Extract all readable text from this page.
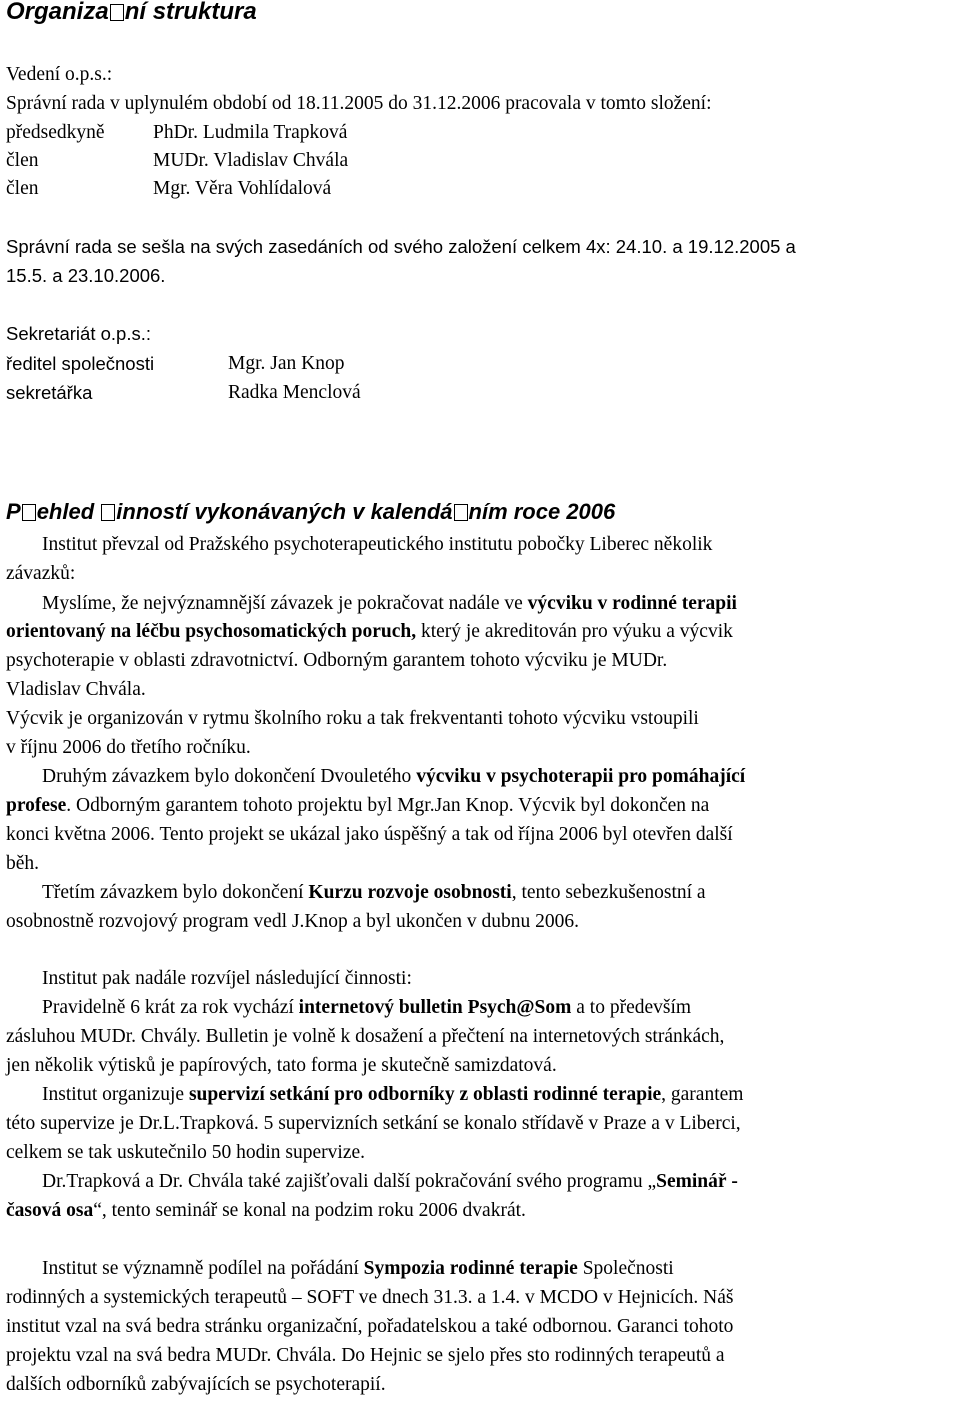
Organiza ní struktura
Vedení o.p.s.:
Správní rada v uplynulém období od 18.11.2005 do 31.12.2006 pracovala v tomto složení:
předsedkyně PhDr. Ludmila Trapková
člen	MUDr. Vladislav Chvála
člen	Mgr. Věra Vohlídalová
Správní rada se sešla na svých zasedáních od svého založení celkem 4x: 24.10. a 19.12.2005 a
15.5. a 23.10.2006.
Sekretariát o.p.s.:
ředitel společnosti	Mgr. Jan Knop
sekretářka	Radka Menclová
P ehled inností vykonávaných v kalendá ním roce 2006
Institut převzal od Pražského psychoterapeutického institutu pobočky Liberec několik
závazků:
Myslíme, že nejvýznamnější závazek je pokračovat nadále ve výcviku v rodinné terapii
orientovaný na léčbu psychosomatických poruch, který je akreditován pro výuku a výcvik
psychoterapie v oblasti zdravotnictví. Odborným garantem tohoto výcviku je MUDr.
Vladislav Chvála.
Výcvik je organizován v rytmu školního roku a tak frekventanti tohoto výcviku vstoupili
v říjnu 2006 do třetího ročníku.
Druhým závazkem bylo dokončení Dvouletého výcviku v psychoterapii pro pomáhající
profese. Odborným garantem tohoto projektu byl Mgr.Jan Knop. Výcvik byl dokončen na
konci května 2006. Tento projekt se ukázal jako úspěšný a tak od října 2006 byl otevřen další
běh.
Třetím závazkem bylo dokončení Kurzu rozvoje osobnosti, tento sebezkušenostní a
osobnostně rozvojový program vedl J.Knop a byl ukončen v dubnu 2006.
Institut pak nadále rozvíjel následující činnosti:
Pravidelně 6 krát za rok vychází internetový bulletin Psych@Som a to především
zásluhou MUDr. Chvály. Bulletin je volně k dosažení a přečtení na internetových stránkách,
jen několik výtisků je papírových, tato forma je skutečně samizdatová.
Institut organizuje supervizí setkání pro odborníky z oblasti rodinné terapie, garantem
této supervize je Dr.L.Trapková. 5 supervizních setkání se konalo střídavě v Praze a v Liberci,
celkem se tak uskutečnilo 50 hodin supervize.
Dr.Trapková a Dr. Chvála také zajišťovali další pokračování svého programu „Seminář -
časová osa“, tento seminář se konal na podzim roku 2006 dvakrát.
Institut se významně podílel na pořádání Sympozia rodinné terapie Společnosti
rodinných a systemických terapeutů – SOFT ve dnech 31.3. a 1.4. v MCDO v Hejnicích. Náš
institut vzal na svá bedra stránku organizační, pořadatelskou a také odbornou. Garanci tohoto
projektu vzal na svá bedra MUDr. Chvála. Do Hejnic se sjelo přes sto rodinných terapeutů a
dalších odborníků zabývajících se psychoterapií.
